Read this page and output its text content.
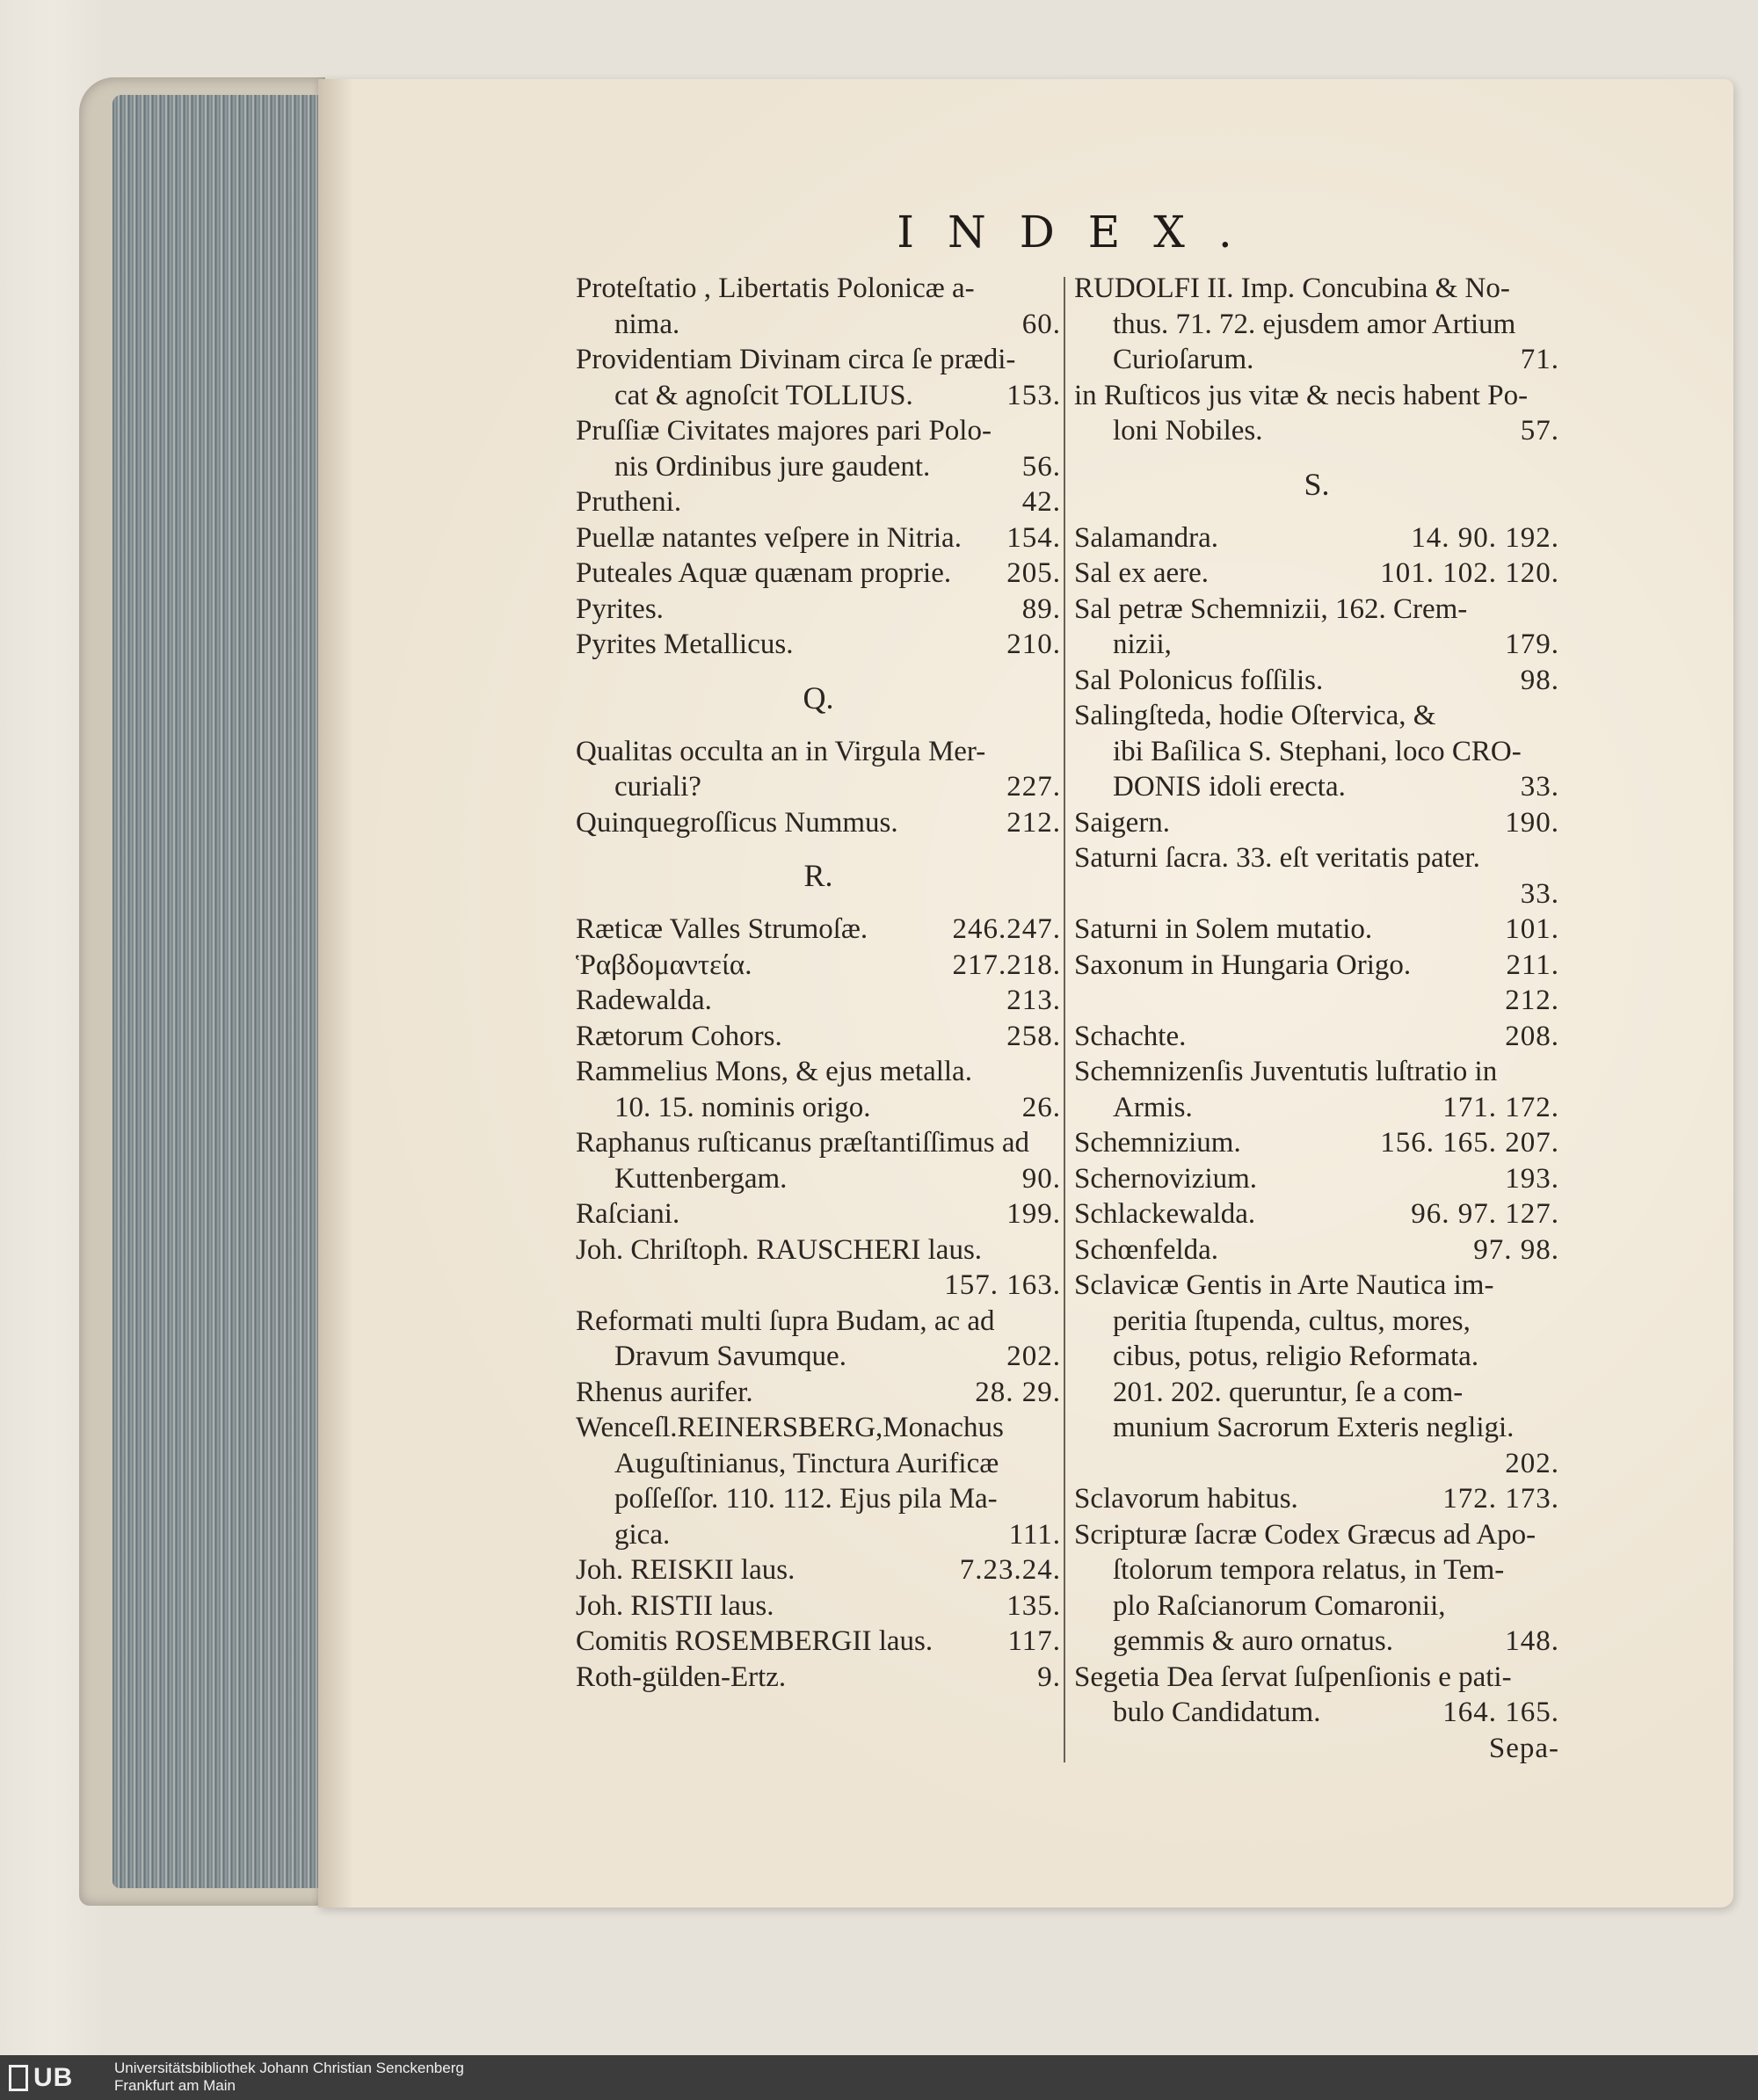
INDEX.
Proteſtatio , Libertatis Polonicæ a-
nima.	60.
Providentiam Divinam circa ſe prædi-
cat & agnoſcit TOLLIUS.	153.
Pruſſiæ Civitates majores pari Polo-
nis Ordinibus jure gaudent.	56.
Prutheni.	42.
Puellæ natantes veſpere in Nitria. 154.
Puteales Aquæ quænam proprie. 205.
Pyrites.	89.
Pyrites Metallicus.	210.
Q.
Qualitas occulta an in Virgula Mer-
curiali?	227.
Quinquegroſſicus Nummus.	212.
R.
Ræticæ Valles Strumoſæ.	246.247.
Ῥαβδομαντεία.	217.218.
Radewalda.	213.
Rætorum Cohors.	258.
Rammelius Mons, & ejus metalla.
10. 15. nominis origo.	26.
Raphanus ruſticanus præſtantiſſimus ad
Kuttenbergam.	90.
Raſciani.	199.
Joh. Chriſtoph. RAUSCHERI laus.
157. 163.
Reformati multi ſupra Budam, ac ad
Dravum Savumque.	202.
Rhenus aurifer.	28. 29.
Wenceſl.REINERSBERG,Monachus
Auguſtinianus, Tinctura Aurificæ
poſſeſſor. 110. 112. Ejus pila Ma-
gica.	111.
Joh. REISKII laus.	7.23.24.
Joh. RISTII laus.	135.
Comitis ROSEMBERGII laus.	117.
Roth-gülden-Ertz.	9.
RUDOLFI II. Imp. Concubina & No-
thus. 71. 72. ejusdem amor Artium
Curioſarum.	71.
in Ruſticos jus vitæ & necis habent Po-
loni Nobiles.	57.
S.
Salamandra.	14. 90. 192.
Sal ex aere.	101. 102. 120.
Sal petræ Schemnizii, 162. Crem-
nizii,	179.
Sal Polonicus foſſilis.	98.
Salingſteda, hodie Oſtervica, &
ibi Baſilica S. Stephani, loco CRO-
DONIS idoli erecta.	33.
Saigern.	190.
Saturni ſacra. 33. eſt veritatis pater.
33.
Saturni in Solem mutatio.	101.
Saxonum in Hungaria Origo.	211.
212.
Schachte.	208.
Schemnizenſis Juventutis luſtratio in
Armis.	171. 172.
Schemnizium.	156. 165. 207.
Schernovizium.	193.
Schlackewalda.	96. 97. 127.
Schœnfelda.	97. 98.
Sclavicæ Gentis in Arte Nautica im-
peritia ſtupenda, cultus, mores,
cibus, potus, religio Reformata.
201. 202. queruntur, ſe a com-
munium Sacrorum Exteris negligi.
202.
Sclavorum habitus.	172. 173.
Scripturæ ſacræ Codex Græcus ad Apo-
ſtolorum tempora relatus, in Tem-
plo Raſcianorum Comaronii,
gemmis & auro ornatus.	148.
Segetia Dea ſervat ſuſpenſionis e pati-
bulo Candidatum.	164. 165.
Sepa-
UB	Universitätsbibliothek Johann Christian Senckenberg
Frankfurt am Main
